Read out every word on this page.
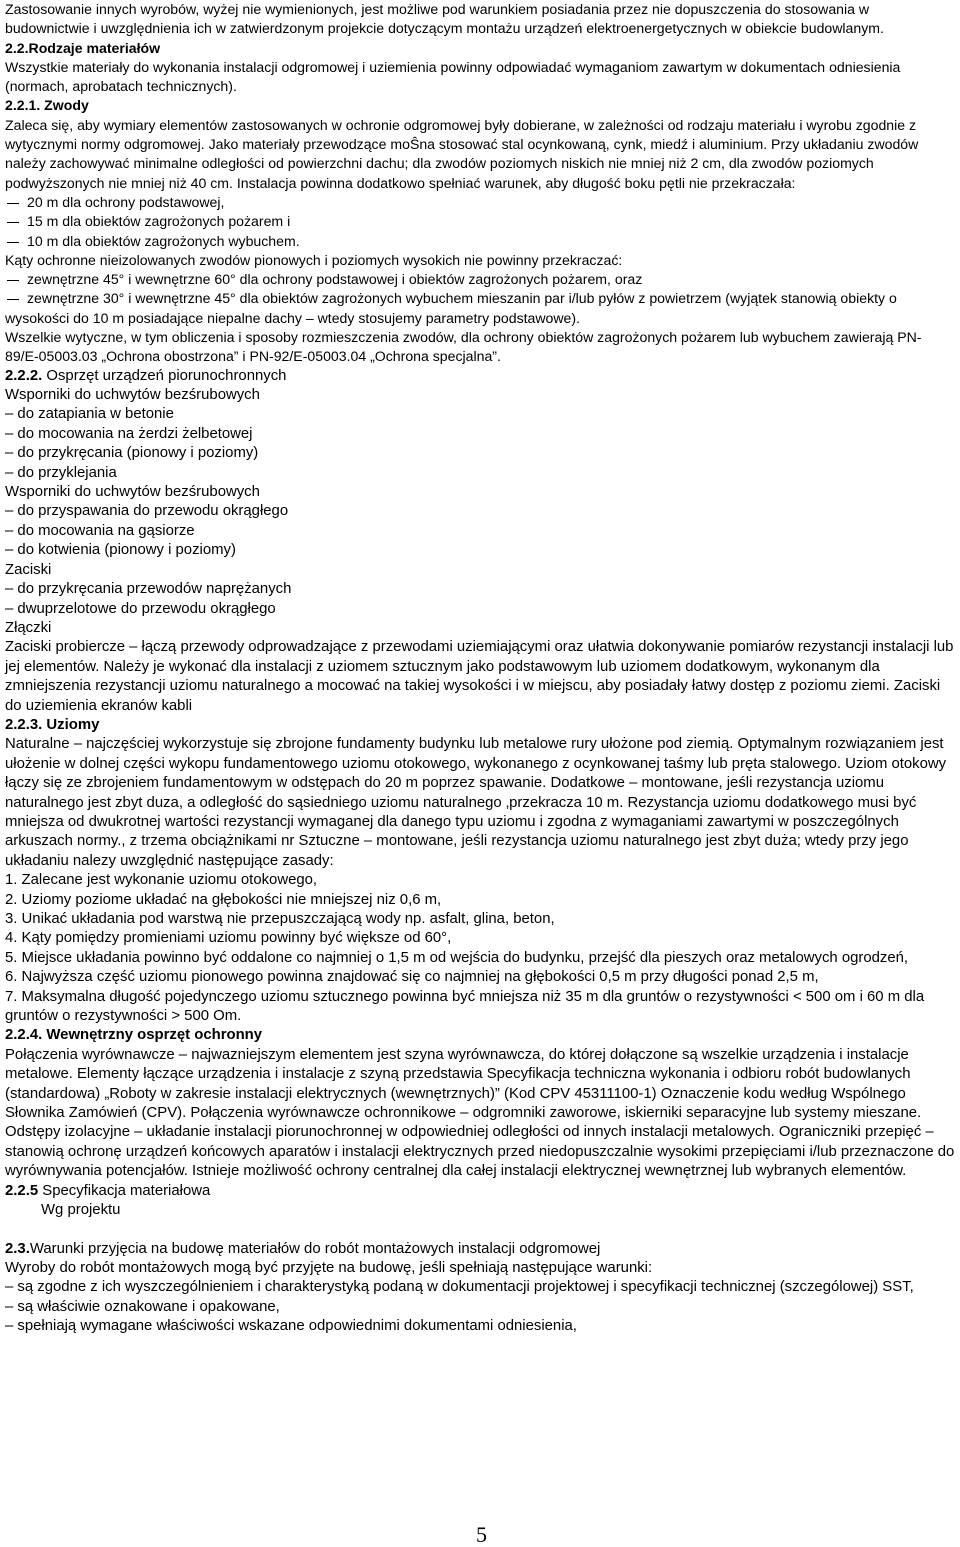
Zastosowanie innych wyrobów, wyżej nie wymienionych, jest możliwe pod warunkiem posiadania przez nie dopuszczenia do stosowania w budownictwie i uwzględnienia ich w zatwierdzonym projekcie dotyczącym montażu urządzeń elektroenergetycznych w obiekcie budowlanym.

2.2.Rodzaje materiałów

Wszystkie materiały do wykonania instalacji odgromowej i uziemienia powinny odpowiadać wymaganiom zawartym w dokumentach odniesienia (normach, aprobatach technicznych).

2.2.1. Zwody

Zaleca się, aby wymiary elementów zastosowanych w ochronie odgromowej były dobierane, w zależności od rodzaju materiału i wyrobu zgodnie z wytycznymi normy odgromowej. Jako materiały przewodzące moŜna stosować stal ocynkowaną, cynk, miedź i aluminium. Przy układaniu zwodów należy zachowywać minimalne odległości od powierzchni dachu; dla zwodów poziomych niskich nie mniej niż 2 cm, dla zwodów poziomych podwyższonych nie mniej niż 40 cm. Instalacja powinna dodatkowo spełniać warunek, aby długość boku pętli nie przekraczała:

20 m dla ochrony podstawowej,
15 m dla obiektów zagrożonych pożarem i
10 m dla obiektów zagrożonych wybuchem.

Kąty ochronne nieizolowanych zwodów pionowych i poziomych wysokich nie powinny przekraczać:

zewnętrzne 45° i wewnętrzne 60° dla ochrony podstawowej i obiektów zagrożonych pożarem, oraz
zewnętrzne 30° i wewnętrzne 45° dla obiektów zagrożonych wybuchem mieszanin par i/lub pyłów z powietrzem (wyjątek stanowią obiekty o wysokości do 10 m posiadające niepalne dachy – wtedy stosujemy parametry podstawowe).

Wszelkie wytyczne, w tym obliczenia i sposoby rozmieszczenia zwodów, dla ochrony obiektów zagrożonych pożarem lub wybuchem zawierają PN-89/E-05003.03 „Ochrona obostrzona” i PN-92/E-05003.04 „Ochrona specjalna”.

2.2.2. Osprzęt urządzeń piorunochronnych
Wsporniki do uchwytów bezśrubowych
– do zatapiania w betonie
– do mocowania na żerdzi żelbetowej
– do przykręcania (pionowy i poziomy)
– do przyklejania
Wsporniki do uchwytów bezśrubowych
– do przyspawania do przewodu okrągłego
– do mocowania na gąsiorze
– do kotwienia (pionowy i poziomy)
Zaciski
– do przykręcania przewodów naprężanych
– dwuprzelotowe do przewodu okrągłego
Złączki

Zaciski probiercze – łączą przewody odprowadzające z przewodami uziemiającymi oraz ułatwia dokonywanie pomiarów rezystancji instalacji lub jej elementów. Należy je wykonać dla instalacji z uziomem sztucznym jako podstawowym lub uziomem dodatkowym, wykonanym dla zmniejszenia rezystancji uziomu naturalnego a mocować na takiej wysokości i w miejscu, aby posiadały łatwy dostęp z poziomu ziemi. Zaciski do uziemienia ekranów kabli

2.2.3. Uziomy

Naturalne – najczęściej wykorzystuje się zbrojone fundamenty budynku lub metalowe rury ułożone pod ziemią. Optymalnym rozwiązaniem jest ułożenie w dolnej części wykopu fundamentowego uziomu otokowego, wykonanego z ocynkowanej taśmy lub pręta stalowego. Uziom otokowy łączy się ze zbrojeniem fundamentowym w odstępach do 20 m poprzez spawanie. Dodatkowe – montowane, jeśli rezystancja uziomu naturalnego jest zbyt duza, a odległość do sąsiedniego uziomu naturalnego ‚przekracza 10 m. Rezystancja uziomu dodatkowego musi być mniejsza od dwukrotnej wartości rezystancji wymaganej dla danego typu uziomu i zgodna z wymaganiami zawartymi w poszczególnych arkuszach normy., z trzema obciążnikami nr Sztuczne – montowane, jeśli rezystancja uziomu naturalnego jest zbyt duża; wtedy przy jego układaniu nalezy uwzględnić następujące zasady:

1. Zalecane jest wykonanie uziomu otokowego,
2. Uziomy poziome układać na głębokości nie mniejszej niz 0,6 m,
3. Unikać układania pod warstwą nie przepuszczającą wody np. asfalt, glina, beton,
4. Kąty pomiędzy promieniami uziomu powinny być większe od 60°,
5. Miejsce układania powinno być oddalone co najmniej o 1,5 m od wejścia do budynku, przejść dla pieszych oraz metalowych ogrodzeń,
6. Najwyższa część uziomu pionowego powinna znajdować się co najmniej na głębokości 0,5 m przy długości ponad 2,5 m,
7. Maksymalna długość pojedynczego uziomu sztucznego powinna być mniejsza niż 35 m dla gruntów o rezystywności < 500 om i 60 m dla gruntów o rezystywności > 500 Om.

2.2.4. Wewnętrzny osprzęt ochronny

Połączenia wyrównawcze – najwazniejszym elementem jest szyna wyrównawcza, do której dołączone są wszelkie urządzenia i instalacje metalowe. Elementy łączące urządzenia i instalacje z szyną przedstawia Specyfikacja techniczna wykonania i odbioru robót budowlanych (standardowa) „Roboty w zakresie instalacji elektrycznych (wewnętrznych)” (Kod CPV 45311100-1) Oznaczenie kodu według Wspólnego Słownika Zamówień (CPV). Połączenia wyrównawcze ochronnikowe – odgromniki zaworowe, iskierniki separacyjne lub systemy mieszane. Odstępy izolacyjne – układanie instalacji piorunochronnej w odpowiedniej odległości od innych instalacji metalowych. Ograniczniki przepięć – stanowią ochronę urządzeń końcowych aparatów i instalacji elektrycznych przed niedopuszczalnie wysokimi przepięciami i/lub przeznaczone do wyrównywania potencjałów. Istnieje możliwość ochrony centralnej dla całej instalacji elektrycznej wewnętrznej lub wybranych elementów.

2.2.5 Specyfikacja materiałowa
Wg projektu
2.3.Warunki przyjęcia na budowę materiałów do robót montażowych instalacji odgromowej

Wyroby do robót montażowych mogą być przyjęte na budowę, jeśli spełniają następujące warunki:

– są zgodne z ich wyszczególnieniem i charakterystyką podaną w dokumentacji projektowej i specyfikacji technicznej (szczególowej) SST,
– są właściwie oznakowane i opakowane,
– spełniają wymagane właściwości wskazane odpowiednimi dokumentami odniesienia,
5
